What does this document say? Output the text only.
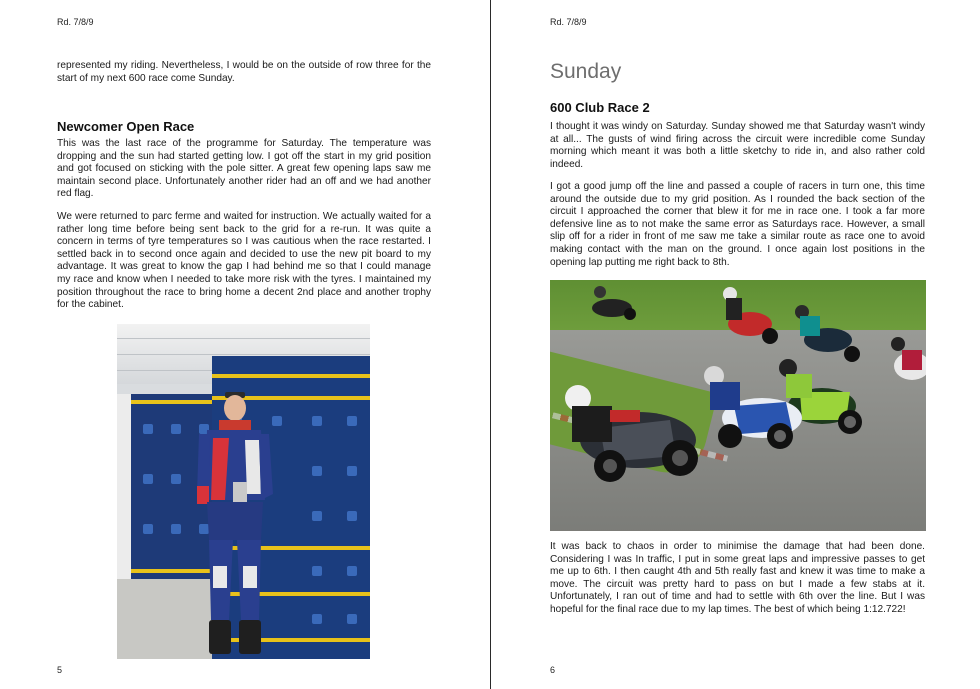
Rd. 7/8/9

represented my riding. Nevertheless, I would be on the outside of row three for the start of my next 600 race come Sunday.

Newcomer Open Race

This was the last race of the programme for Saturday. The temperature was dropping and the sun had started getting low. I got off the start in my grid position and got focused on sticking with the pole sitter. A great few opening laps saw me maintain second place. Unfortunately another rider had an off and we had another red flag.

We were returned to parc ferme and waited for instruction. We actually waited for a rather long time before being sent back to the grid for a re-run. It was quite a concern in terms of tyre temperatures so I was cautious when the race restarted. I settled back in to second once again and decided to use the new pit board to my advantage. It was great to know the gap I had behind me so that I could manage my race and know when I needed to take more risk with the tyres. I maintained my position throughout the race to bring home a decent 2nd place and another trophy for the cabinet.

5
Rd. 7/8/9
Sunday
600 Club Race 2

I thought it was windy on Saturday. Sunday showed me that Saturday wasn't windy at all... The gusts of wind firing across the circuit were incredible come Sunday morning which meant it was both a little sketchy to ride in, and also rather cold indeed.

I got a good jump off the line and passed a couple of racers in turn one, this time around the outside due to my grid position. As I rounded the back section of the circuit I approached the corner that blew it for me in race one. I took a far more defensive line as to not make the same error as Saturdays race. However, a small slip off for a rider in front of me saw me take a similar route as race one to avoid making contact with the man on the ground. I once again lost positions in the opening lap putting me right back to 8th.

It was back to chaos in order to minimise the damage that had been done. Considering I was In traffic, I put in some great laps and impressive passes to get me up to 6th. I then caught 4th and 5th really fast and knew it was time to make a move. The circuit was pretty hard to pass on but I made a few stabs at it. Unfortunately, I ran out of time and had to settle with 6th over the line. But I was hopeful for the final race due to my lap times. The best of which being 1:12.722!

6
